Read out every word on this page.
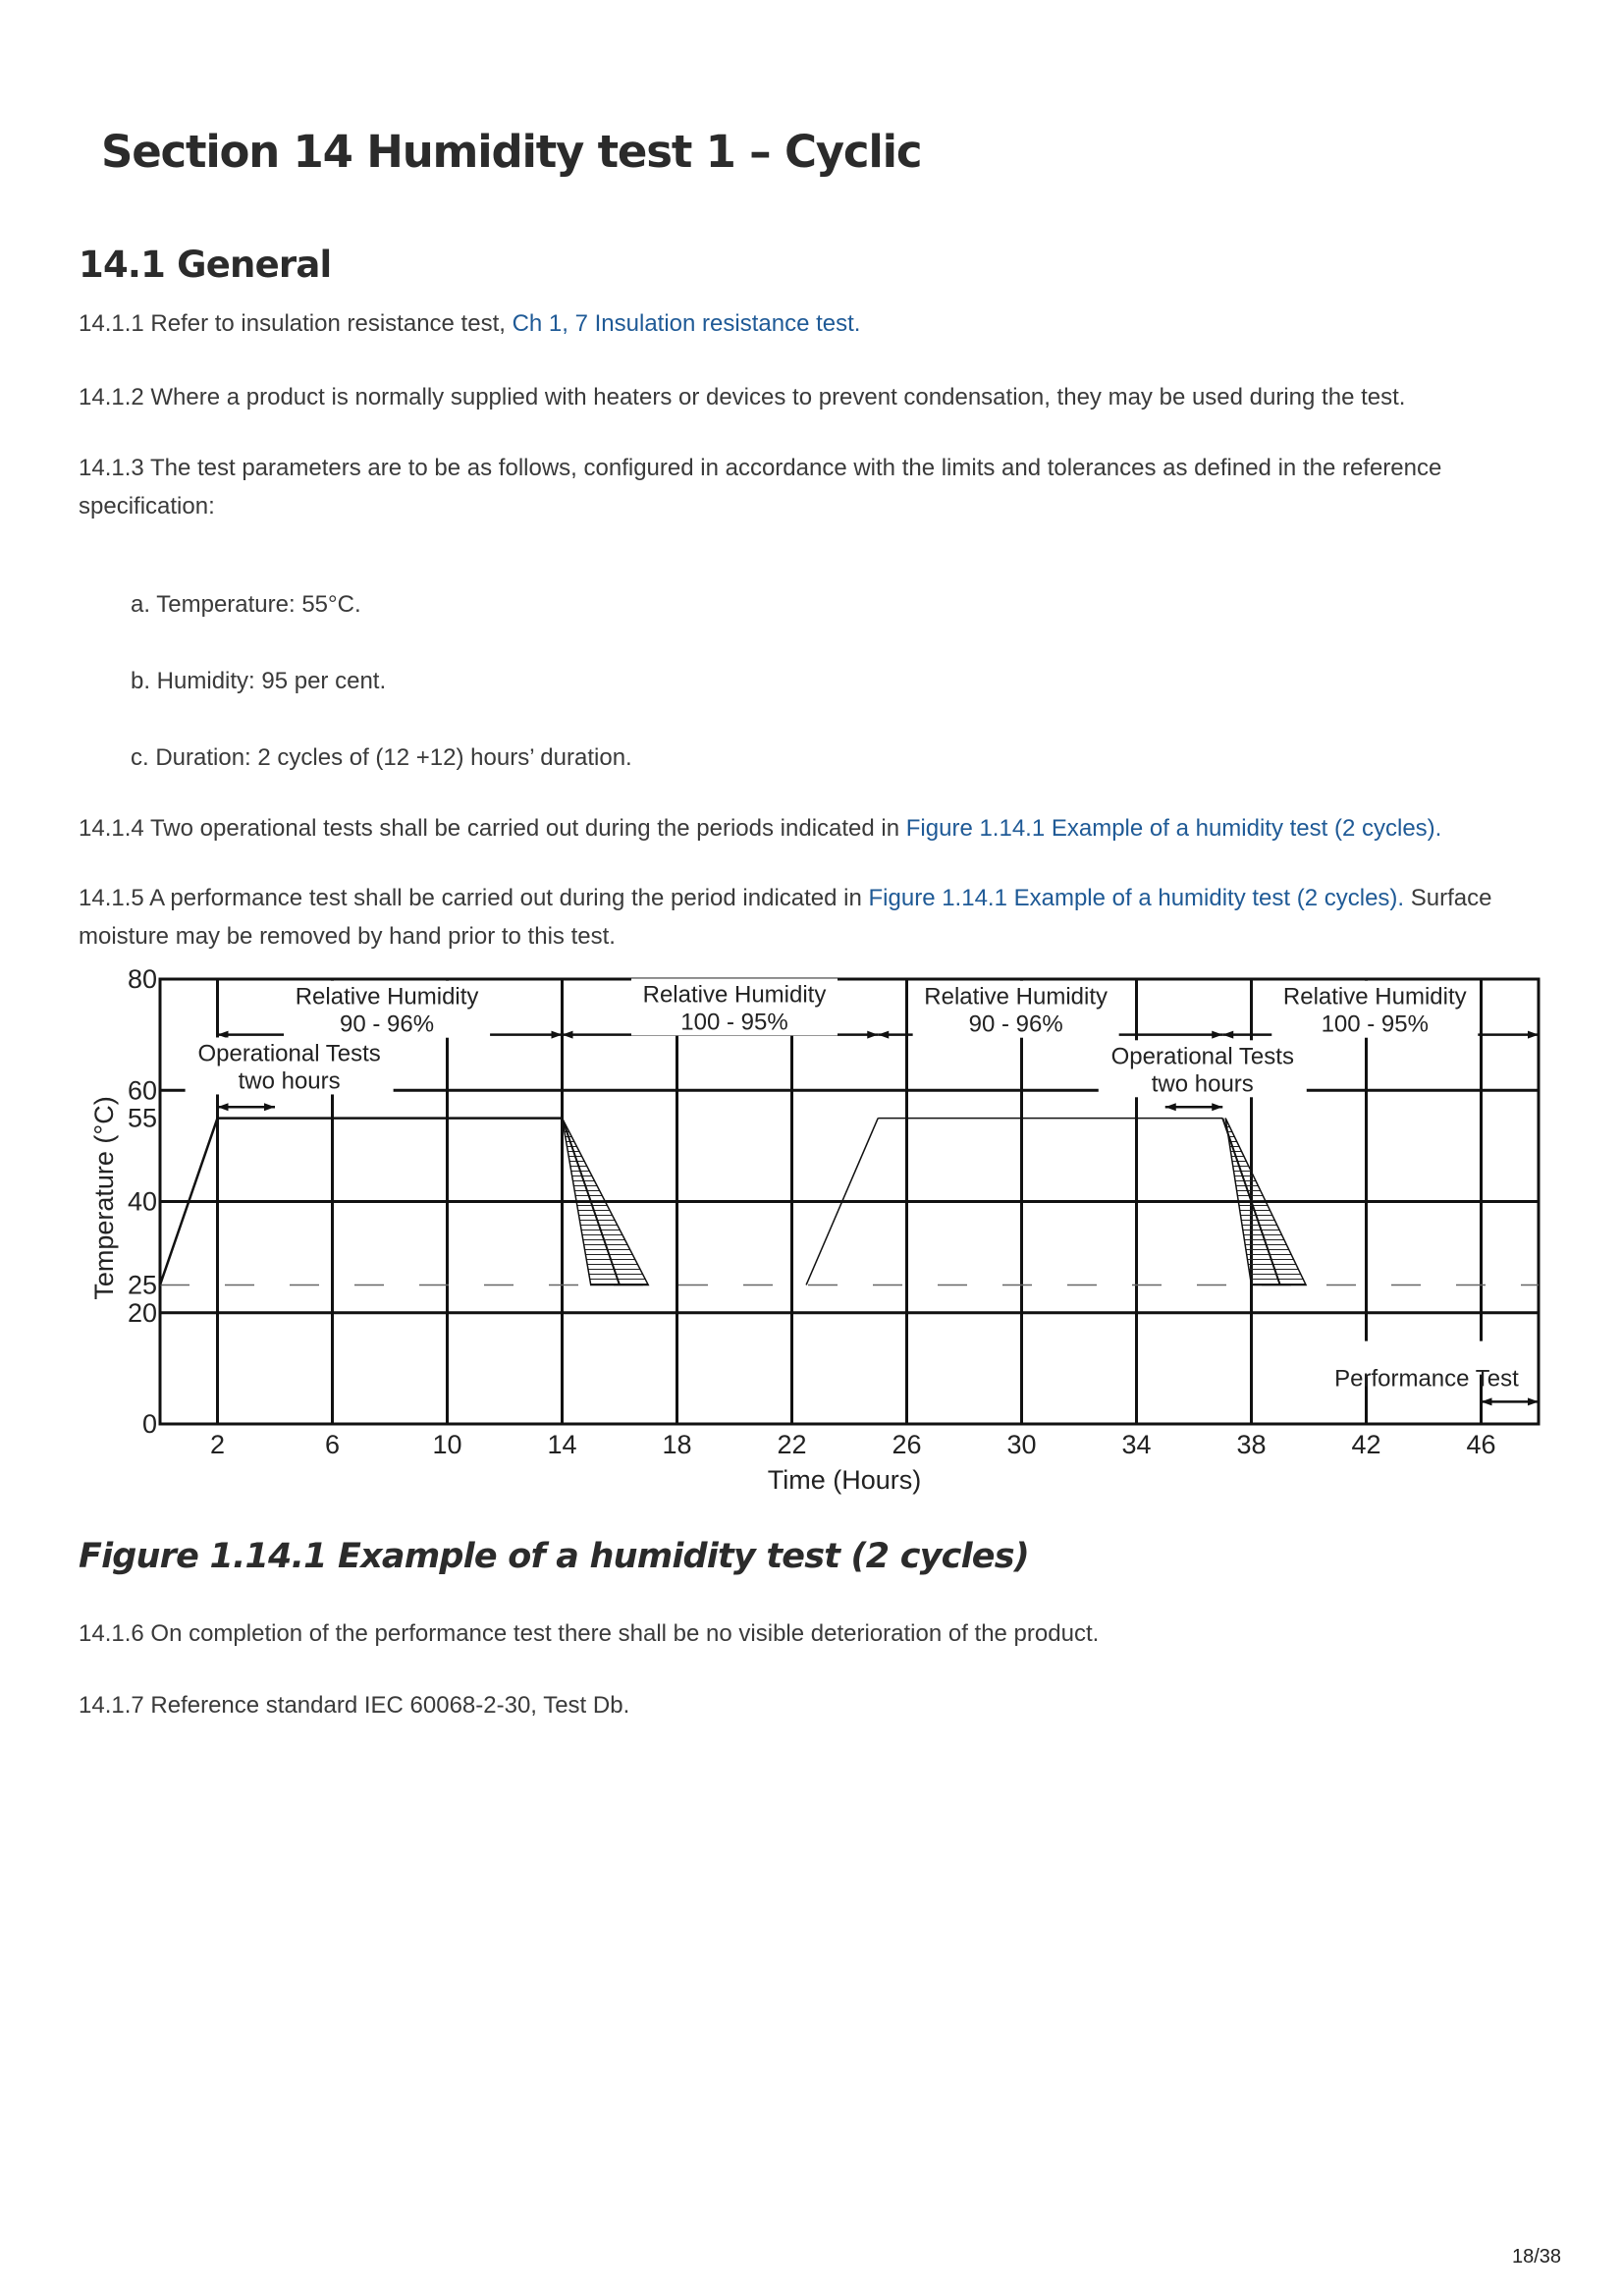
Section 14 Humidity test 1 – Cyclic
14.1 General

14.1.1 Refer to insulation resistance test, Ch 1, 7 Insulation resistance test.

14.1.2 Where a product is normally supplied with heaters or devices to prevent condensation, they may be used during the test.

14.1.3 The test parameters are to be as follows, configured in accordance with the limits and tolerances as defined in the reference
specification:

a. Temperature: 55°C.

b. Humidity: 95 per cent.

c. Duration: 2 cycles of (12 +12) hours’ duration.

14.1.4 Two operational tests shall be carried out during the periods indicated in Figure 1.14.1 Example of a humidity test (2 cycles).

14.1.5 A performance test shall be carried out during the period indicated in Figure 1.14.1 Example of a humidity test (2 cycles). Surface
moisture may be removed by hand prior to this test.

Relative Humidity
90 - 96%
Relative Humidity
100 - 95%
Relative Humidity
90 - 96%
Relative Humidity
100 - 95%
Operational Tests
two hours
Operational Tests
two hours
Performance Test
2	6	10	14	18	22	26	30	34	38	42	46
0
20
25
40
55
60
80
Time (Hours)
Temperature (°C)

Figure 1.14.1 Example of a humidity test (2 cycles)

14.1.6 On completion of the performance test there shall be no visible deterioration of the product.

14.1.7 Reference standard IEC 60068-2-30, Test Db.

18/38
